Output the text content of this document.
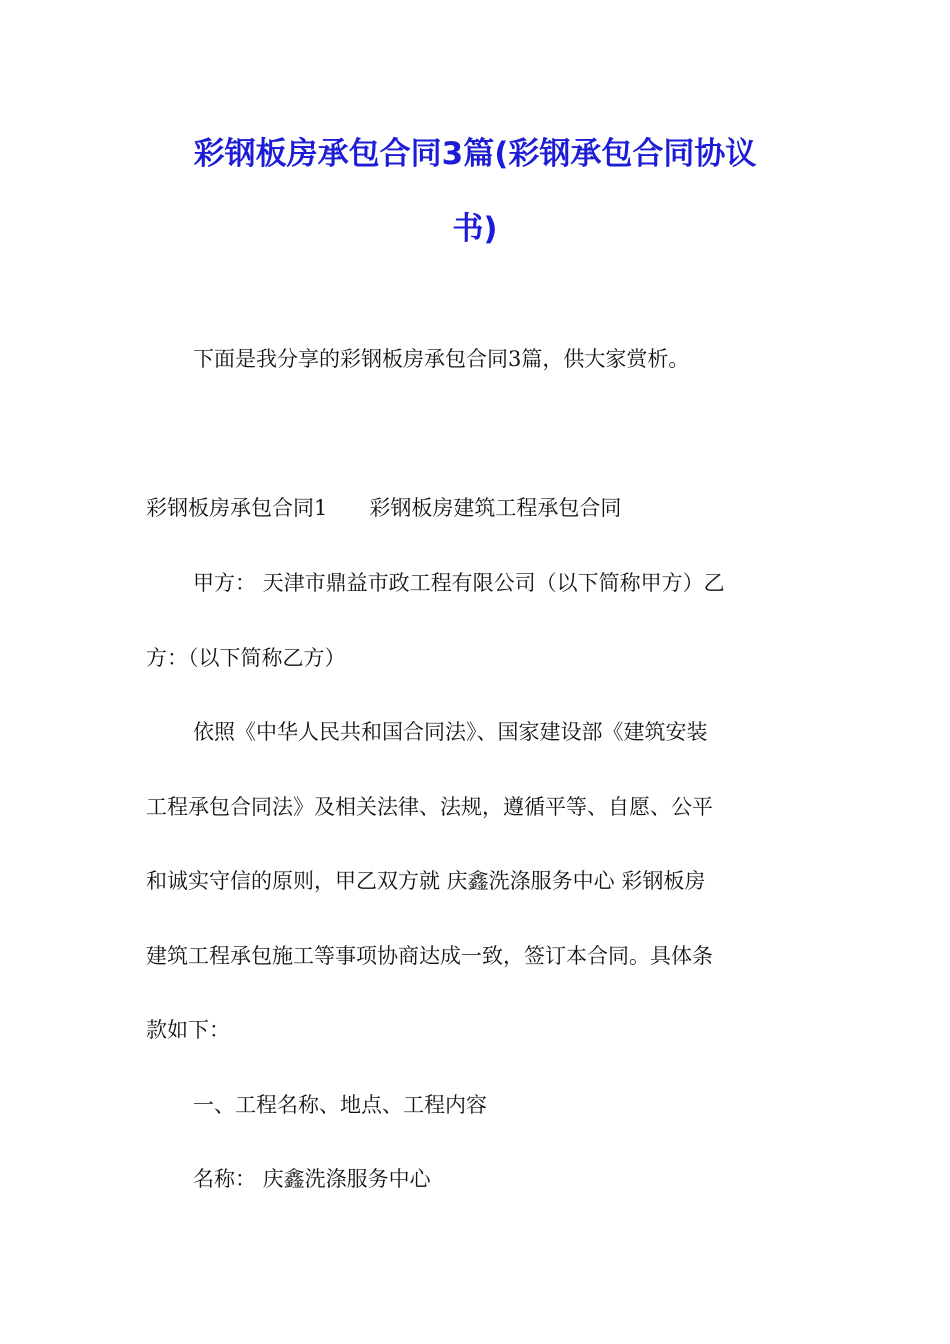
彩钢板房承包合同3篇(彩钢承包合同协议
书)

下面是我分享的彩钢板房承包合同3篇，供大家赏析。

彩钢板房承包合同1 彩钢板房建筑工程承包合同

甲方： 天津市鼎益市政工程有限公司（以下简称甲方）乙

方：（以下简称乙方）

依照《中华人民共和国合同法》、国家建设部《建筑安装

工程承包合同法》及相关法律、法规，遵循平等、自愿、公平

和诚实守信的原则，甲乙双方就 庆鑫洗涤服务中心 彩钢板房

建筑工程承包施工等事项协商达成一致，签订本合同。具体条

款如下：

一、工程名称、地点、工程内容

名称： 庆鑫洗涤服务中心
